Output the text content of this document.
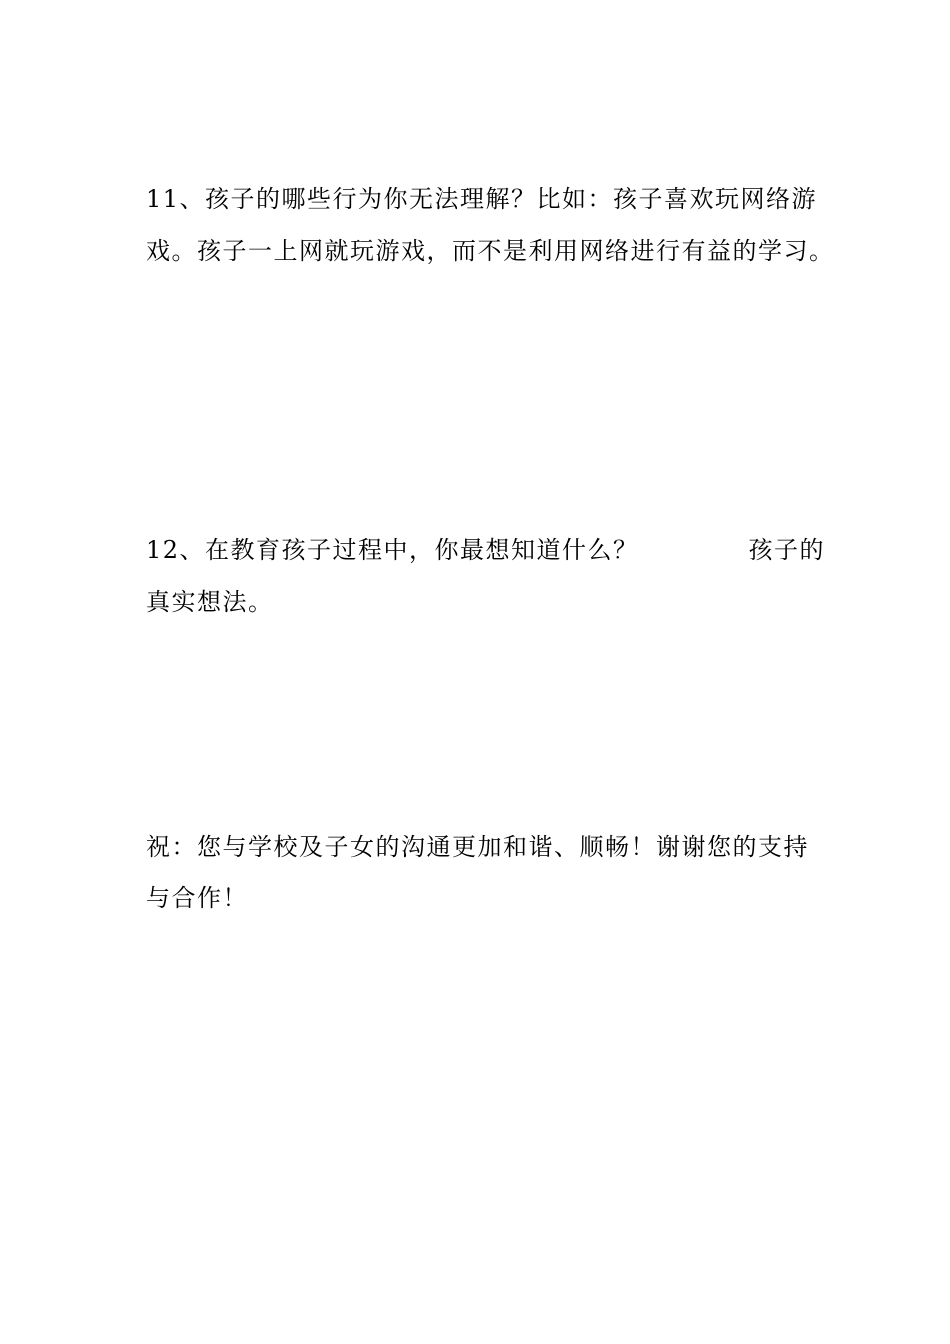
11、孩子的哪些行为你无法理解？比如：孩子喜欢玩网络游
戏。孩子一上网就玩游戏，而不是利用网络进行有益的学习。
12、在教育孩子过程中，你最想知道什么？	孩子的
真实想法。
祝：您与学校及子女的沟通更加和谐、顺畅！谢谢您的支持
与合作！
